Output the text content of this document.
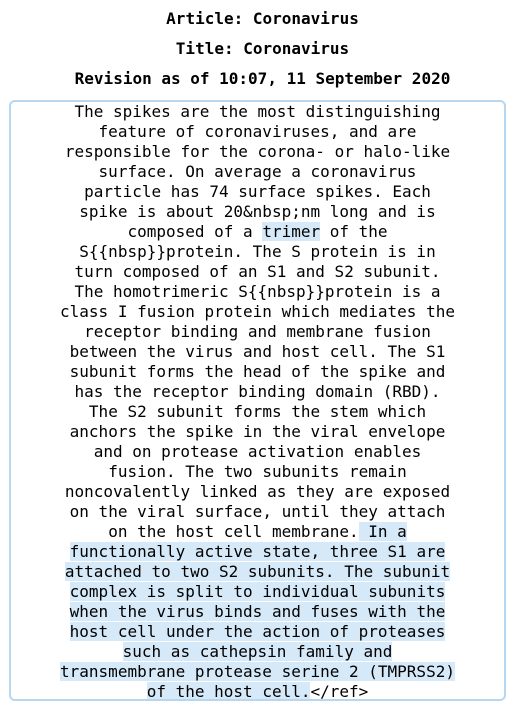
Article: Coronavirus
Title: Coronavirus
Revision as of 10:07, 11 September 2020
The spikes are the most distinguishing
feature of coronaviruses, and are
responsible for the corona- or halo-like
surface. On average a coronavirus
particle has 74 surface spikes. Each
spike is about 20&nbsp;nm long and is
composed of a trimer of the
S{{nbsp}}protein. The S protein is in
turn composed of an S1 and S2 subunit.
The homotrimeric S{{nbsp}}protein is a
class I fusion protein which mediates the
receptor binding and membrane fusion
between the virus and host cell. The S1
subunit forms the head of the spike and
has the receptor binding domain (RBD).
The S2 subunit forms the stem which
anchors the spike in the viral envelope
and on protease activation enables
fusion. The two subunits remain
noncovalently linked as they are exposed
on the viral surface, until they attach
on the host cell membrane. In a
functionally active state, three S1 are
attached to two S2 subunits. The subunit
complex is split to individual subunits
when the virus binds and fuses with the
host cell under the action of proteases
such as cathepsin family and
transmembrane protease serine 2 (TMPRSS2)
of the host cell.</ref>
